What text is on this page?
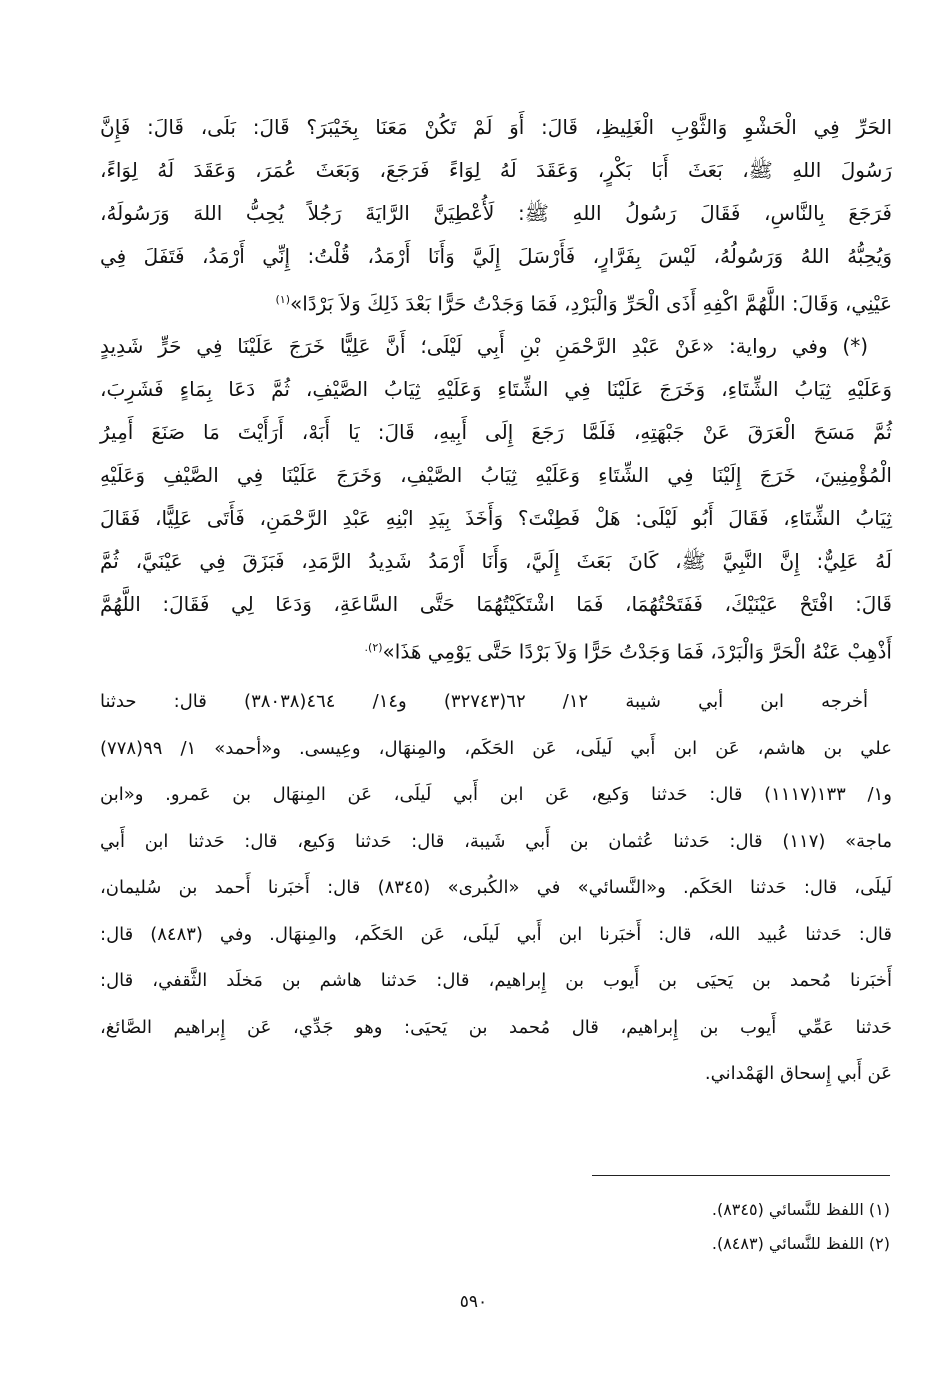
الحَرِّ فِي الْحَشْوِ وَالثَّوْبِ الْغَلِيظِ، قَالَ: أَوَ لَمْ تَكُنْ مَعَنَا بِخَيْبَرَ؟ قَالَ: بَلَى، قَالَ: فَإِنَّ
رَسُولَ اللهِ ﷺ، بَعَثَ أَبَا بَكْرٍ، وَعَقَدَ لَهُ لِوَاءً فَرَجَعَ، وَبَعَثَ عُمَرَ، وَعَقَدَ لَهُ لِوَاءً،
فَرَجَعَ بِالنَّاسِ، فَقَالَ رَسُولُ اللهِ ﷺ: لَأُعْطِيَنَّ الرَّايَةَ رَجُلاً يُحِبُّ اللهَ وَرَسُولَهُ،
وَيُحِبُّهُ اللهُ وَرَسُولُهُ، لَيْسَ بِفَرَّارٍ، فَأَرْسَلَ إِلَيَّ وَأَنَا أَرْمَدُ، قُلْتُ: إِنِّي أَرْمَدُ، فَتَفَلَ فِي
عَيْنِي، وَقَالَ: اللَّهُمَّ اكْفِهِ أَذَى الْحَرِّ وَالْبَرْدِ، فَمَا وَجَدْتُ حَرًّا بَعْدَ ذَلِكَ وَلاَ بَرْدًا»$^{(١)}$
(*) وفي رواية: «عَنْ عَبْدِ الرَّحْمَنِ بْنِ أَبِي لَيْلَى؛ أَنَّ عَلِيًّا خَرَجَ عَلَيْنَا فِي حَرٍّ شَدِيدٍ
وَعَلَيْهِ ثِيَابُ الشِّتَاءِ، وَخَرَجَ عَلَيْنَا فِي الشِّتَاءِ وَعَلَيْهِ ثِيَابُ الصَّيْفِ، ثُمَّ دَعَا بِمَاءٍ فَشَرِبَ،
ثُمَّ مَسَحَ الْعَرَقَ عَنْ جَبْهَتِهِ، فَلَمَّا رَجَعَ إِلَى أَبِيهِ، قَالَ: يَا أَبَهْ، أَرَأَيْتَ مَا صَنَعَ أَمِيرُ
الْمُؤْمِنِينَ، خَرَجَ إِلَيْنَا فِي الشِّتَاءِ وَعَلَيْهِ ثِيَابُ الصَّيْفِ، وَخَرَجَ عَلَيْنَا فِي الصَّيْفِ وَعَلَيْهِ
ثِيَابُ الشِّتَاءِ، فَقَالَ أَبُو لَيْلَى: هَلْ فَطِنْتَ؟ وَأَخَذَ بِيَدِ ابْنِهِ عَبْدِ الرَّحْمَنِ، فَأَتَى عَلِيًّا، فَقَالَ
لَهُ عَلِيٌّ: إِنَّ النَّبِيَّ ﷺ، كَانَ بَعَثَ إِلَيَّ، وَأَنَا أَرْمَدُ شَدِيدُ الرَّمَدِ، فَبَزَقَ فِي عَيْنَيَّ، ثُمَّ
قَالَ: افْتَحْ عَيْنَيْكَ، فَفَتَحْتُهُمَا، فَمَا اشْتَكَيْتُهُمَا حَتَّى السَّاعَةِ، وَدَعَا لِي فَقَالَ: اللَّهُمَّ
أَذْهِبْ عَنْهُ الْحَرَّ وَالْبَرْدَ، فَمَا وَجَدْتُ حَرًّا وَلاَ بَرْدًا حَتَّى يَوْمِي هَذَا»$^{(٢).}$
أخرجه ابن أبي شيبة ١٢/ ٦٢(٣٢٧٤٣) و١٤/ ٤٦٤(٣٨٠٣٨) قال: حدثنا
علي بن هاشم، عَن ابن أَبي لَيلَى، عَن الحَكَم، والمِنهَال، وعِيسى. و«أحمد» ١/ ٩٩(٧٧٨)
و١/ ١٣٣(١١١٧) قال: حَدثنا وَكيع، عَن ابن أَبي لَيلَى، عَن المِنهَال بن عَمرو. و«ابن
ماجة» (١١٧) قال: حَدثنا عُثمان بن أَبي شَيبة، قال: حَدثنا وَكيع، قال: حَدثنا ابن أَبي
لَيلَى، قال: حَدثنا الحَكَم. و«النَّسائي» في «الكُبرى» (٨٣٤٥) قال: أَخبَرنا أَحمد بن سُليمان،
قال: حَدثنا عُبيد الله، قال: أَخبَرنا ابن أَبي لَيلَى، عَن الحَكَم، والمِنهَال. وفي (٨٤٨٣) قال:
أَخبَرنا مُحمد بن يَحيَى بن أَيوب بن إِبراهيم، قال: حَدثنا هاشم بن مَخلَد الثَّقفي، قال:
حَدثنا عَمِّي أَيوب بن إِبراهيم، قال مُحمد بن يَحيَى: وهو جَدِّي، عَن إِبراهيم الصَّائغ،
عَن أَبي إِسحاق الهَمْداني.
(١) اللفظ للنَّسائي (٨٣٤٥).
(٢) اللفظ للنَّسائي (٨٤٨٣).
٥٩٠
